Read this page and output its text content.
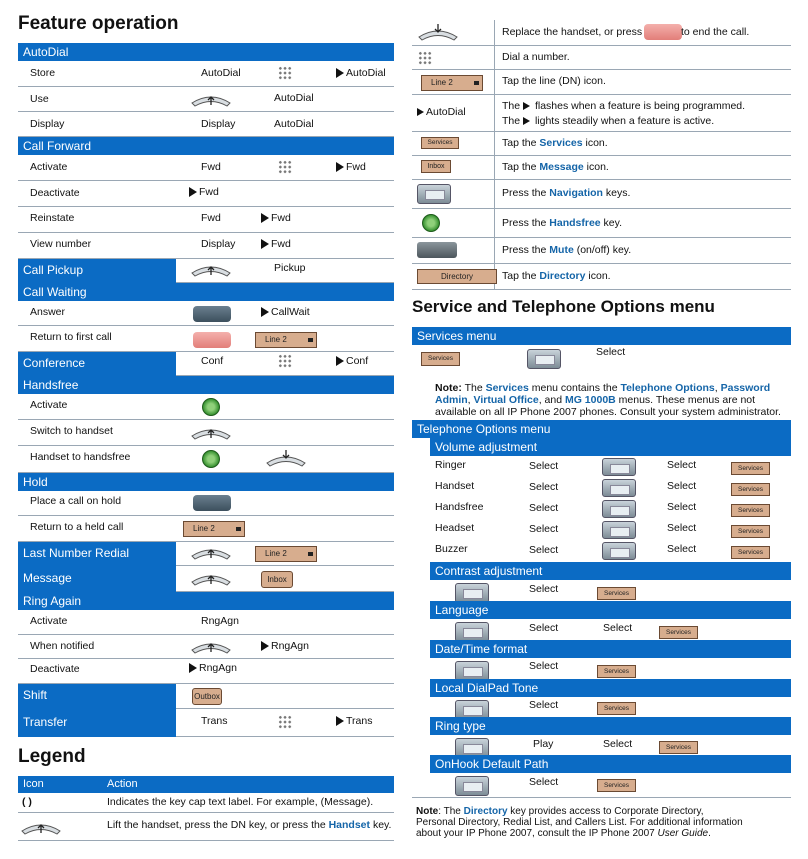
Feature operation
AutoDial
Store	AutoDial	AutoDial
Use	AutoDial
Display	Display	AutoDial
Call Forward
Activate	Fwd	Fwd
Deactivate	Fwd
Reinstate	Fwd	Fwd
View number	Display	Fwd
Call Pickup	Pickup
Call Waiting
Answer	CallWait
Return to first call	Line 2
Conference	Conf	Conf
Handsfree
Activate
Switch to handset
Handset to handsfree
Hold
Place a call on hold
Return to a held call	Line 2
Last Number Redial	Line 2
Message	Inbox
Ring Again
Activate	RngAgn
When notified	RngAgn
Deactivate	RngAgn
Shift	Outbox
Transfer	Trans	Trans
Legend
Icon	Action
( )	Indicates the key cap text label. For example, (Message).
Lift the handset, press the DN key, or press the Handset key.
Replace the handset, or press	to end the call.
Dial a number.
Line 2	Tap the line (DN) icon.
AutoDial	The flashes when a feature is being programmed.
The lights steadily when a feature is active.
Services	Tap the Services icon.
Inbox	Tap the Message icon.
Press the Navigation keys.
Press the Handsfree key.
Press the Mute (on/off) key.
Directory	Tap the Directory icon.
Service and Telephone Options menu
Services menu
Services
Select
Note: The Services menu contains the Telephone Options, Password Admin, Virtual Office, and MG 1000B menus. These menus are not available on all IP Phone 2007 phones. Consult your system administrator.
Telephone Options menu
Volume adjustment
Ringer	Select	Select	Services
Handset	Select	Select	Services
Handsfree	Select	Select	Services
Headset	Select	Select	Services
Buzzer	Select	Select	Services
Contrast adjustment
Select	Services
Language
Select	Select	Services
Date/Time format
Select	Services
Local DialPad Tone
Select	Services
Ring type
Play	Select	Services
OnHook Default Path
Select	Services
Note: The Directory key provides access to Corporate Directory,
Personal Directory, Redial List, and Callers List. For additional information
about your IP Phone 2007, consult the IP Phone 2007 User Guide.
